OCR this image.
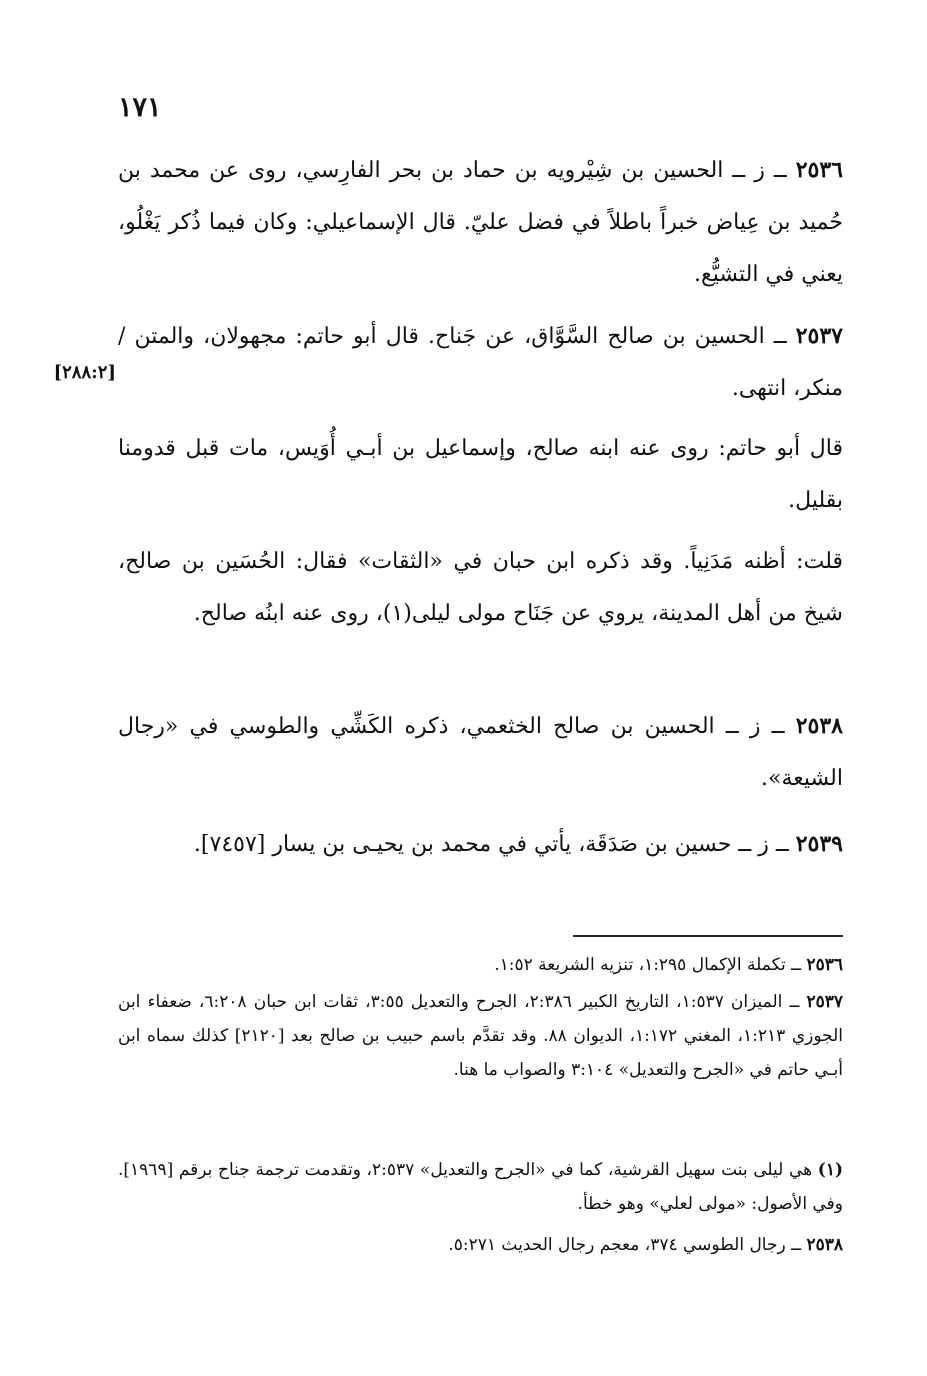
١٧١
[٢٨٨:٢]
٢٥٣٦ ــ ز ــ الحسين بن شِيْرويه بن حماد بن بحر الفارِسي، روى عن محمد بن حُميد بن عِياض خبراً باطلاً في فضل عليّ. قال الإسماعيلي: وكان فيما ذُكر يَغْلُو، يعني في التشيُّع.
٢٥٣٧ ــ الحسين بن صالح السَّوَّاق، عن جَناح. قال أبو حاتم: مجهولان، والمتن / منكر، انتهى.
قال أبو حاتم: روى عنه ابنه صالح، وإسماعيل بن أبـي أُوَيس، مات قبل قدومنا بقليل.
قلت: أظنه مَدَنِياً. وقد ذكره ابن حبان في «الثقات» فقال: الحُسَين بن صالح، شيخ من أهل المدينة، يروي عن جَنَاح مولى ليلى(١)، روى عنه ابنُه صالح.
٢٥٣٨ ــ ز ــ الحسين بن صالح الخثعمي، ذكره الكَشِّي والطوسي في «رجال الشيعة».
٢٥٣٩ ــ ز ــ حسين بن صَدَقَة، يأتي في محمد بن يحيـى بن يسار [٧٤٥٧].
٢٥٣٦ ــ تكملة الإكمال ١:٢٩٥، تنزيه الشريعة ١:٥٢.
٢٥٣٧ ــ الميزان ١:٥٣٧، التاريخ الكبير ٢:٣٨٦، الجرح والتعديل ٣:٥٥، ثقات ابن حبان ٦:٢٠٨، ضعفاء ابن الجوزي ١:٢١٣، المغني ١:١٧٢، الديوان ٨٨. وقد تقدَّم باسم حبيب بن صالح بعد [٢١٢٠] كذلك سماه ابن أبـي حاتم في «الجرح والتعديل» ٣:١٠٤ والصواب ما هنا.
(١) هي ليلى بنت سهيل القرشية، كما في «الجرح والتعديل» ٢:٥٣٧، وتقدمت ترجمة جناح برقم [١٩٦٩]. وفي الأصول: «مولى لعلي» وهو خطأ.
٢٥٣٨ ــ رجال الطوسي ٣٧٤، معجم رجال الحديث ٥:٢٧١.
